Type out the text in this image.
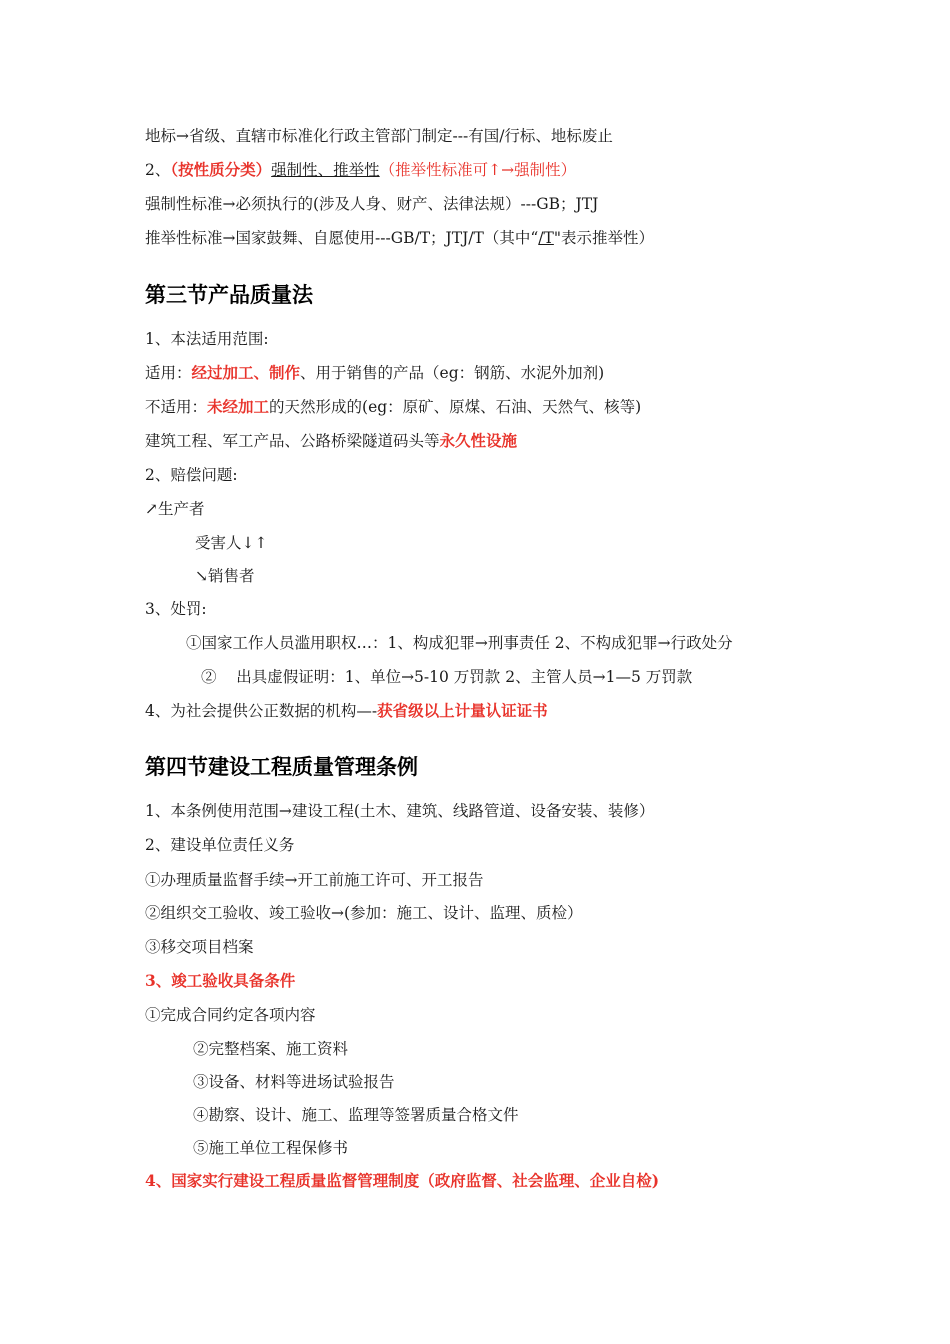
地标→省级、直辖市标准化行政主管部门制定---有国/行标、地标废止
2、（按性质分类）强制性、推举性（推举性标准可↑→强制性）
强制性标准→必须执行的(涉及人身、财产、法律法规）---GB；JTJ
推举性标准→国家鼓舞、自愿使用---GB/T；JTJ/T（其中“/T"表示推举性）
第三节产品质量法
1、本法适用范围:
适用：经过加工、制作、用于销售的产品（eg：钢筋、水泥外加剂)
不适用：未经加工的天然形成的(eg：原矿、原煤、石油、天然气、核等)
建筑工程、军工产品、公路桥梁隧道码头等永久性设施
2、赔偿问题:
↗生产者
受害人↓↑
↘销售者
3、处罚:
①国家工作人员滥用职权…：1、构成犯罪→刑事责任 2、不构成犯罪→行政处分
②    出具虚假证明：1、单位→5-10 万罚款 2、主管人员→1—5 万罚款
4、为社会提供公正数据的机构—-获省级以上计量认证证书
第四节建设工程质量管理条例
1、本条例使用范围→建设工程(土木、建筑、线路管道、设备安装、装修）
2、建设单位责任义务
①办理质量监督手续→开工前施工许可、开工报告
②组织交工验收、竣工验收→(参加：施工、设计、监理、质检）
③移交项目档案
3、竣工验收具备条件
①完成合同约定各项内容
②完整档案、施工资料
③设备、材料等进场试验报告
④勘察、设计、施工、监理等签署质量合格文件
⑤施工单位工程保修书
4、国家实行建设工程质量监督管理制度（政府监督、社会监理、企业自检)
